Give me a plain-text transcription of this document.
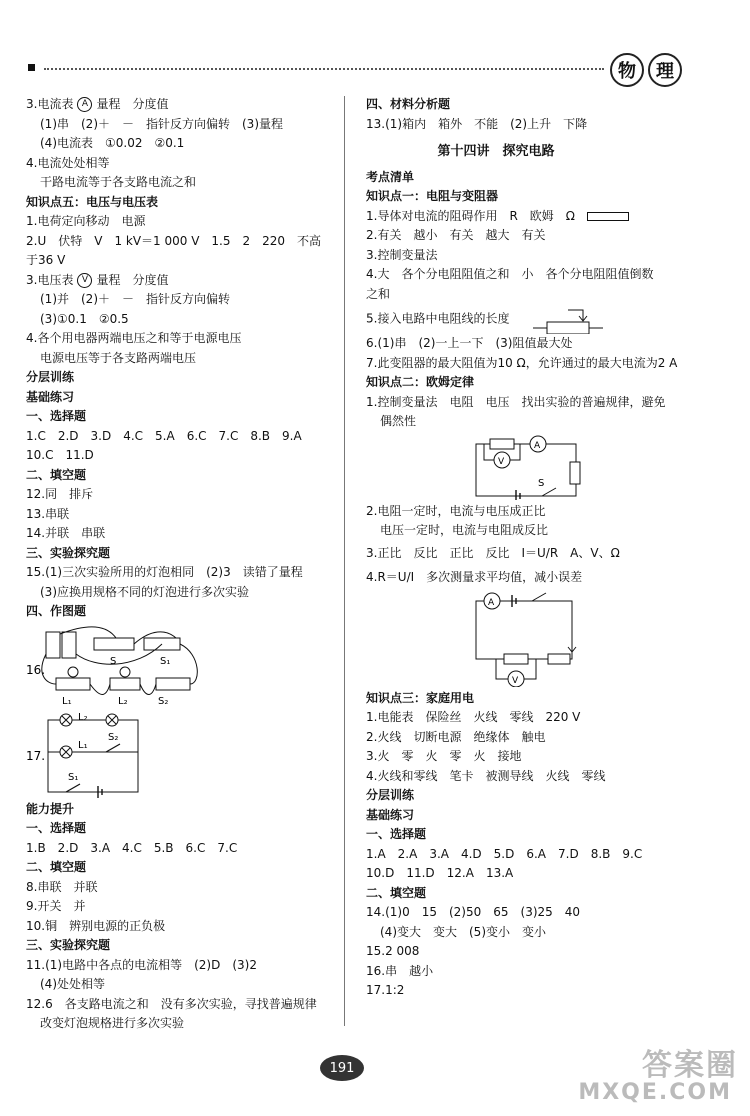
物	理
3.电流表 A 量程　分度值
(1)串　(2)＋　－　指针反方向偏转　(3)量程
(4)电流表　①0.02　②0.1
4.电流处处相等
干路电流等于各支路电流之和
知识点五：电压与电压表
1.电荷定向移动　电源
2.U　伏特　V　1 kV＝1 000 V　1.5　2　220　不高
于36 V
3.电压表 V 量程　分度值
(1)并　(2)＋　－　指针反方向偏转
(3)①0.1　②0.5
4.各个用电器两端电压之和等于电源电压
电源电压等于各支路两端电压
分层训练
基础练习
一、选择题
1.C　2.D　3.D　4.C　5.A　6.C　7.C　8.B　9.A
10.C　11.D
二、填空题
12.同　排斥
13.串联
14.并联　串联
三、实验探究题
15.(1)三次实验所用的灯泡相同　(2)3　读错了量程
(3)应换用规格不同的灯泡进行多次实验
四、作图题
16.
S	S₁
S₂
L₁	L₂
17.
L₂
L₁
S₂
S₁
能力提升
一、选择题
1.B　2.D　3.A　4.C　5.B　6.C　7.C
二、填空题
8.串联　并联
9.开关　并
10.铜　辨别电源的正负极
三、实验探究题
11.(1)电路中各点的电流相等　(2)D　(3)2
(4)处处相等
12.6　各支路电流之和　没有多次实验，寻找普遍规律
改变灯泡规格进行多次实验
四、材料分析题
13.(1)箱内　箱外　不能　(2)上升　下降
第十四讲　探究电路
考点清单
知识点一：电阻与变阻器
1.导体对电流的阻碍作用　R　欧姆　Ω
2.有关　越小　有关　越大　有关
3.控制变量法
4.大　各个分电阻阻值之和　小　各个分电阻阻值倒数
之和
5.接入电路中电阻线的长度
6.(1)串　(2)一上一下　(3)阻值最大处
7.此变阻器的最大阻值为10 Ω，允许通过的最大电流为2 A
知识点二：欧姆定律
1.控制变量法　电阻　电压　找出实验的普遍规律，避免
偶然性
A
V
S
2.电阻一定时，电流与电压成正比
电压一定时，电流与电阻成反比
3.正比　反比　正比　反比　I＝U/R　A、V、Ω
4.R＝U/I　多次测量求平均值，减小误差
A
V
知识点三：家庭用电
1.电能表　保险丝　火线　零线　220 V
2.火线　切断电源　绝缘体　触电
3.火　零　火　零　火　接地
4.火线和零线　笔卡　被测导线　火线　零线
分层训练
基础练习
一、选择题
1.A　2.A　3.A　4.D　5.D　6.A　7.D　8.B　9.C
10.D　11.D　12.A　13.A
二、填空题
14.(1)0　15　(2)50　65　(3)25　40
(4)变大　变大　(5)变小　变小
15.2 008
16.串　越小
17.1:2
191	答案圈
MXQE.COM
